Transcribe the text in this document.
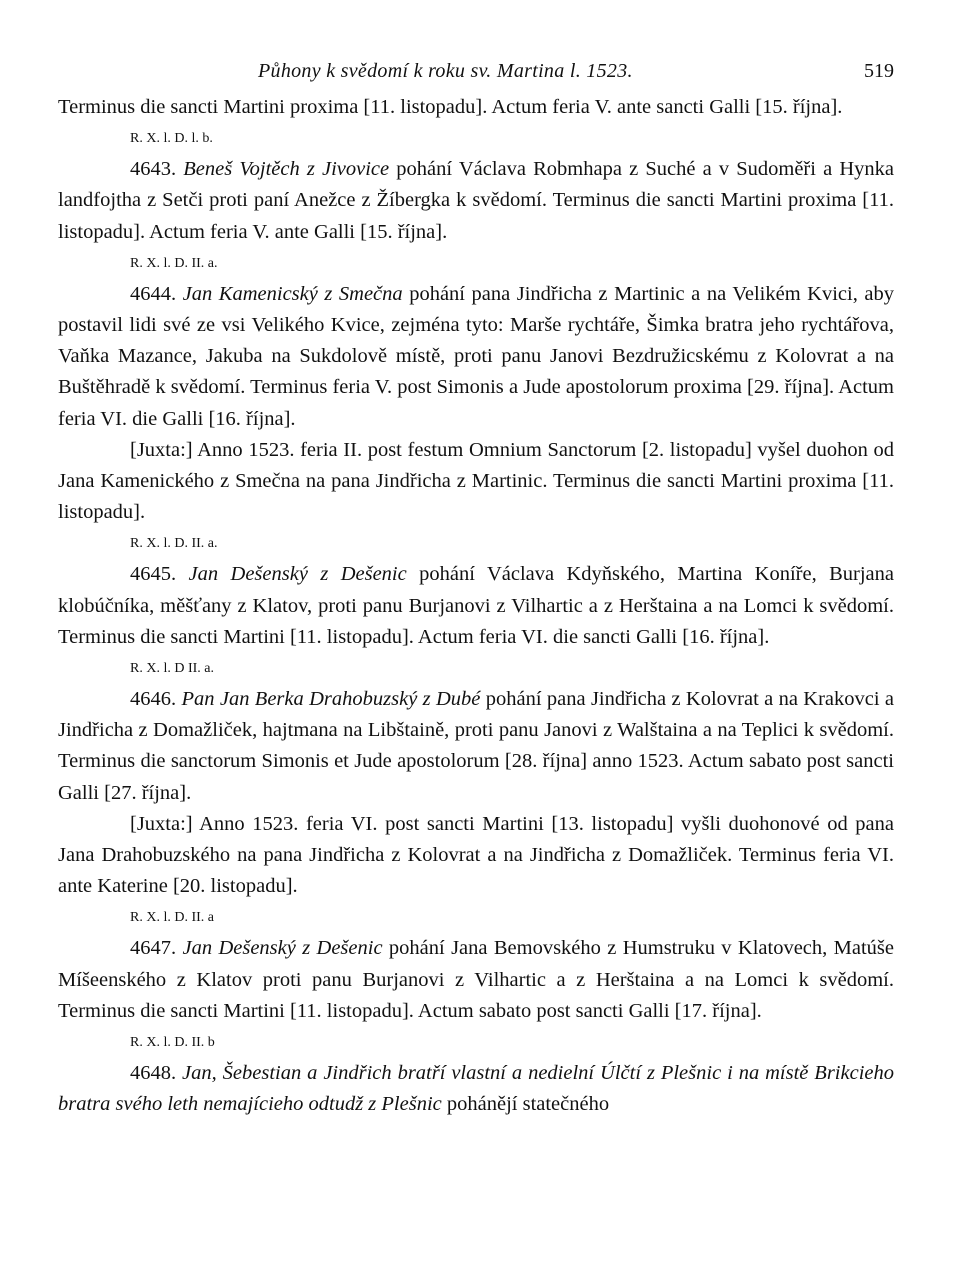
Půhony k svědomí k roku sv. Martina l. 1523.	519

Terminus die sancti Martini proxima [11. listopadu]. Actum feria V. ante sancti Galli [15. října].

R. X. l. D. l. b.

4643. Beneš Vojtěch z Jivovice pohání Václava Robmhapa z Suché a v Sudoměři a Hynka landfojtha z Setči proti paní Anežce z Žíbergka k svědomí. Terminus die sancti Martini proxima [11. listopadu]. Actum feria V. ante Galli [15. října].

R. X. l. D. II. a.

4644. Jan Kamenicský z Smečna pohání pana Jindřicha z Martinic a na Velikém Kvici, aby postavil lidi své ze vsi Velikého Kvice, zejména tyto: Marše rychtáře, Šimka bratra jeho rychtářova, Vaňka Mazance, Jakuba na Sukdolově místě, proti panu Janovi Bezdružicskému z Kolovrat a na Buštěhradě k svědomí. Terminus feria V. post Simonis a Jude apostolorum proxima [29. října]. Actum feria VI. die Galli [16. října].

[Juxta:] Anno 1523. feria II. post festum Omnium Sanctorum [2. listopadu] vyšel duohon od Jana Kamenického z Smečna na pana Jindřicha z Martinic. Terminus die sancti Martini proxima [11. listopadu].

R. X. l. D. II. a.

4645. Jan Dešenský z Dešenic pohání Václava Kdyňského, Martina Koníře, Burjana klobúčníka, měšťany z Klatov, proti panu Burjanovi z Vilhartic a z Herštaina a na Lomci k svědomí. Terminus die sancti Martini [11. listopadu]. Actum feria VI. die sancti Galli [16. října].

R. X. l. D II. a.

4646. Pan Jan Berka Drahobuzský z Dubé pohání pana Jindřicha z Kolovrat a na Krakovci a Jindřicha z Domažliček, hajtmana na Libštaině, proti panu Janovi z Walštaina a na Teplici k svědomí. Terminus die sanctorum Simonis et Jude apostolorum [28. října] anno 1523. Actum sabato post sancti Galli [27. října].

[Juxta:] Anno 1523. feria VI. post sancti Martini [13. listopadu] vyšli duohonové od pana Jana Drahobuzského na pana Jindřicha z Kolovrat a na Jindřicha z Domažliček. Terminus feria VI. ante Katerine [20. listopadu].

R. X. l. D. II. a

4647. Jan Dešenský z Dešenic pohání Jana Bemovského z Humstruku v Klatovech, Matúše Míšeenského z Klatov proti panu Burjanovi z Vilhartic a z Herštaina a na Lomci k svědomí. Terminus die sancti Martini [11. listopadu]. Actum sabato post sancti Galli [17. října].

R. X. l. D. II. b

4648. Jan, Šebestian a Jindřich bratří vlastní a nedielní Úlčtí z Plešnic i na místě Brikcieho bratra svého leth nemajícieho odtudž z Plešnic pohánějí statečného
